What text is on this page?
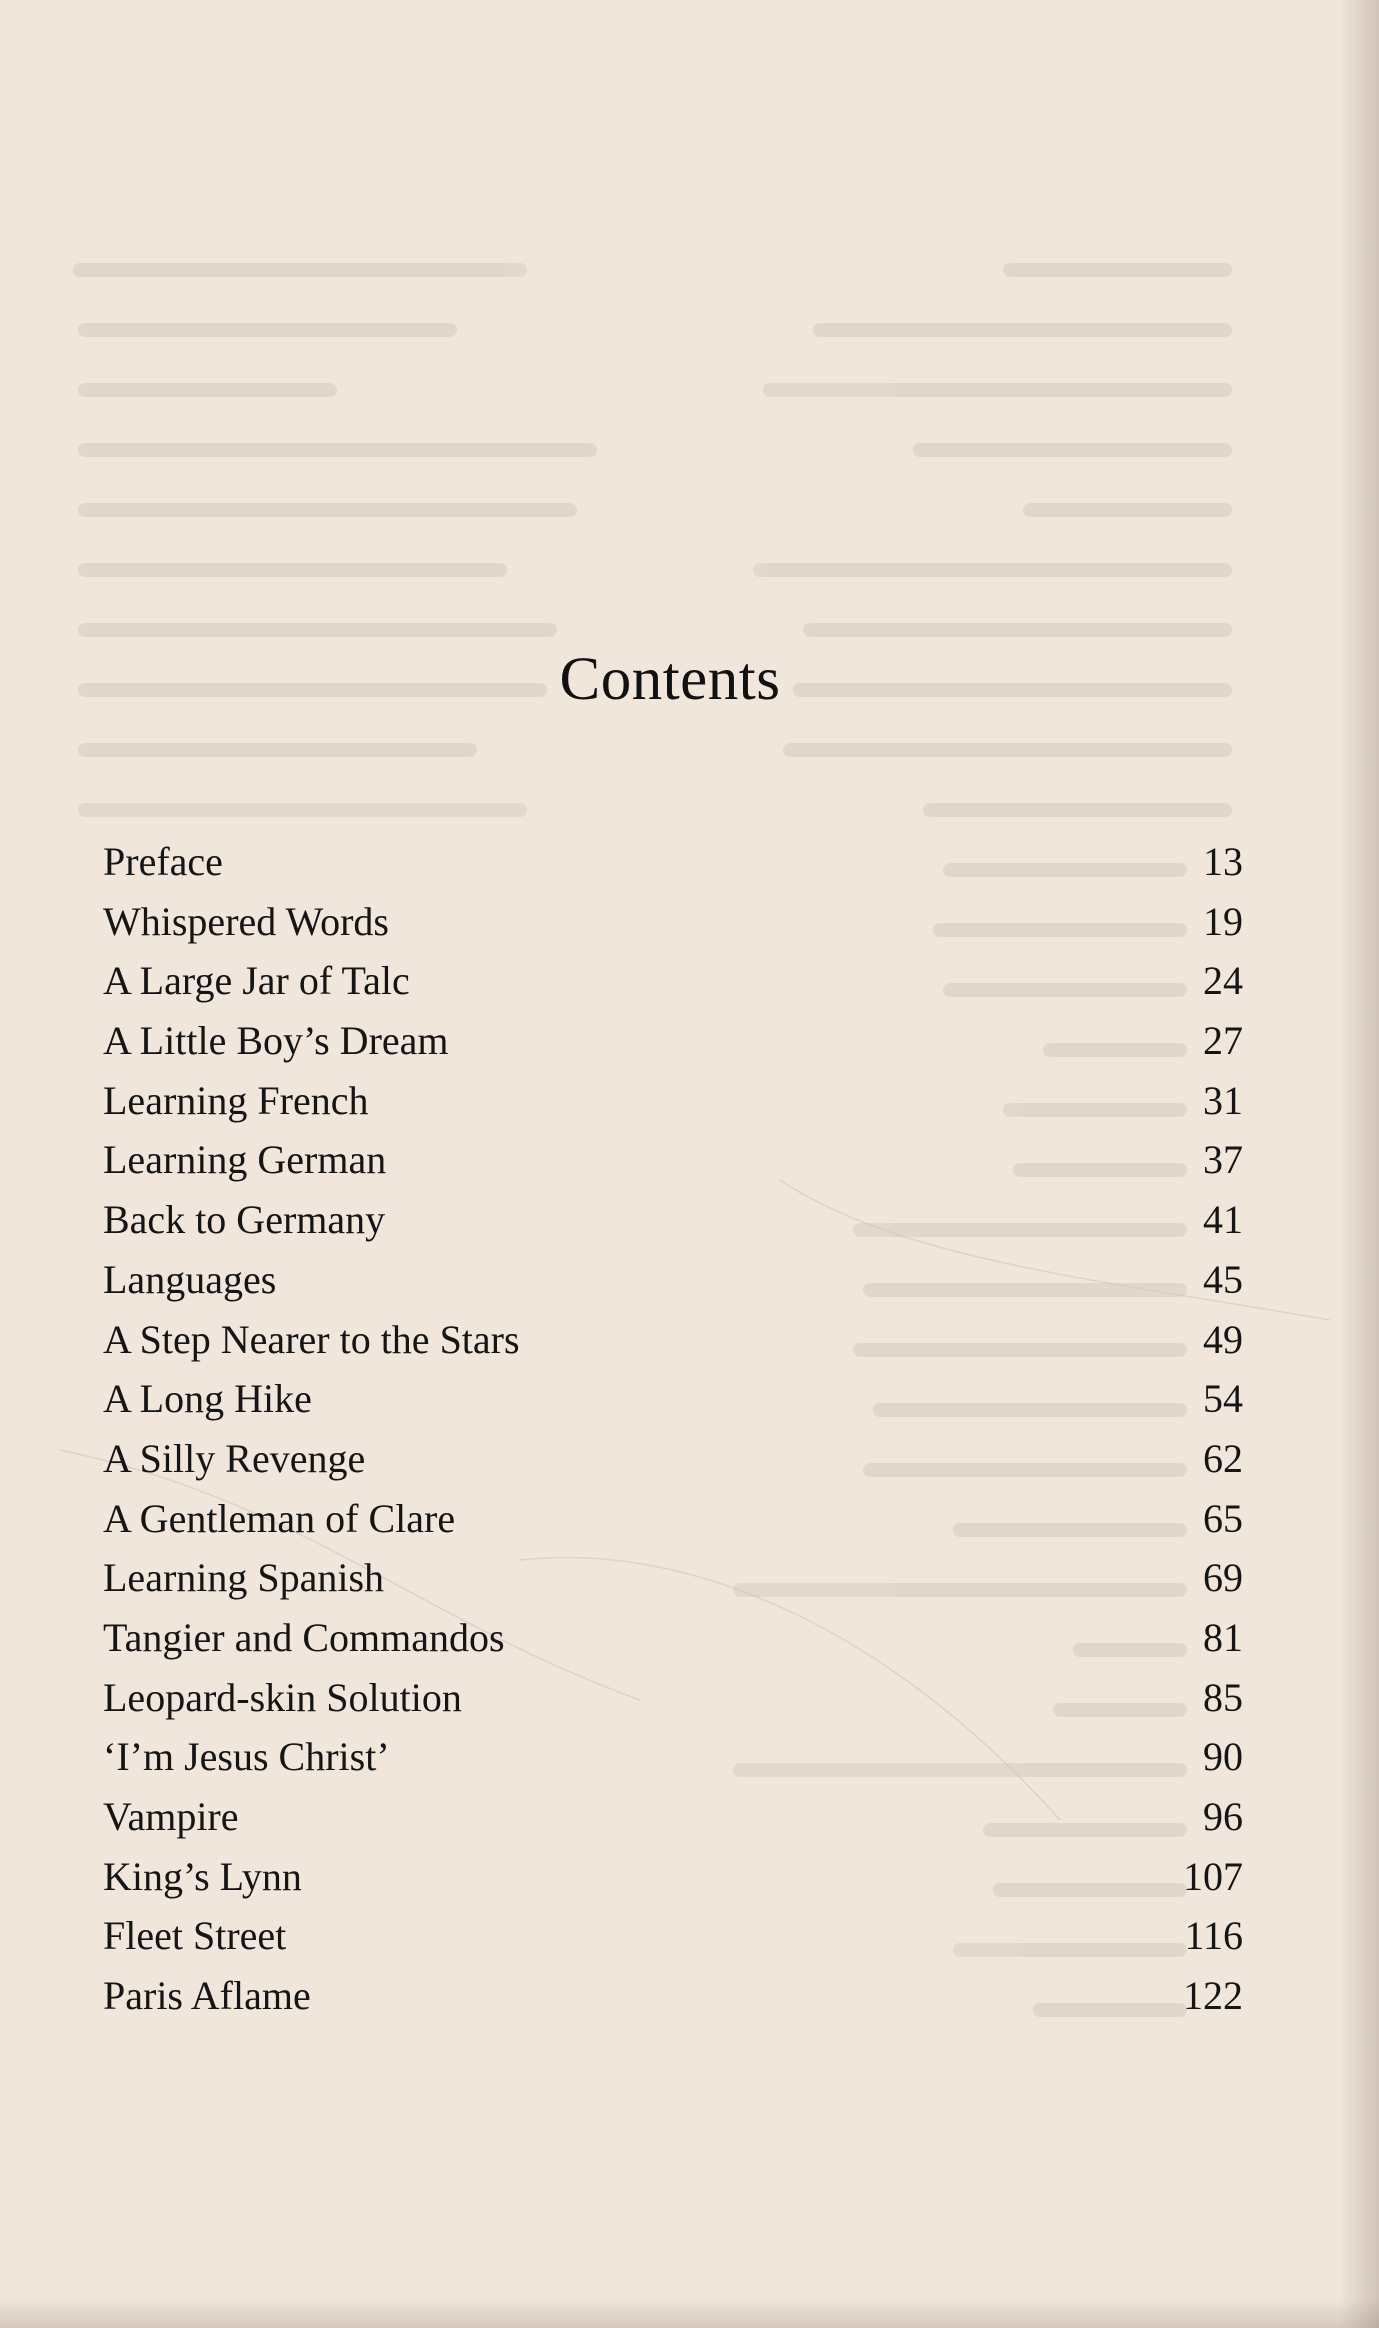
Contents
Preface	13
Whispered Words	19
A Large Jar of Talc	24
A Little Boy’s Dream	27
Learning French	31
Learning German	37
Back to Germany	41
Languages	45
A Step Nearer to the Stars	49
A Long Hike	54
A Silly Revenge	62
A Gentleman of Clare	65
Learning Spanish	69
Tangier and Commandos	81
Leopard-skin Solution	85
‘I’m Jesus Christ’	90
Vampire	96
King’s Lynn	107
Fleet Street	116
Paris Aflame	122
